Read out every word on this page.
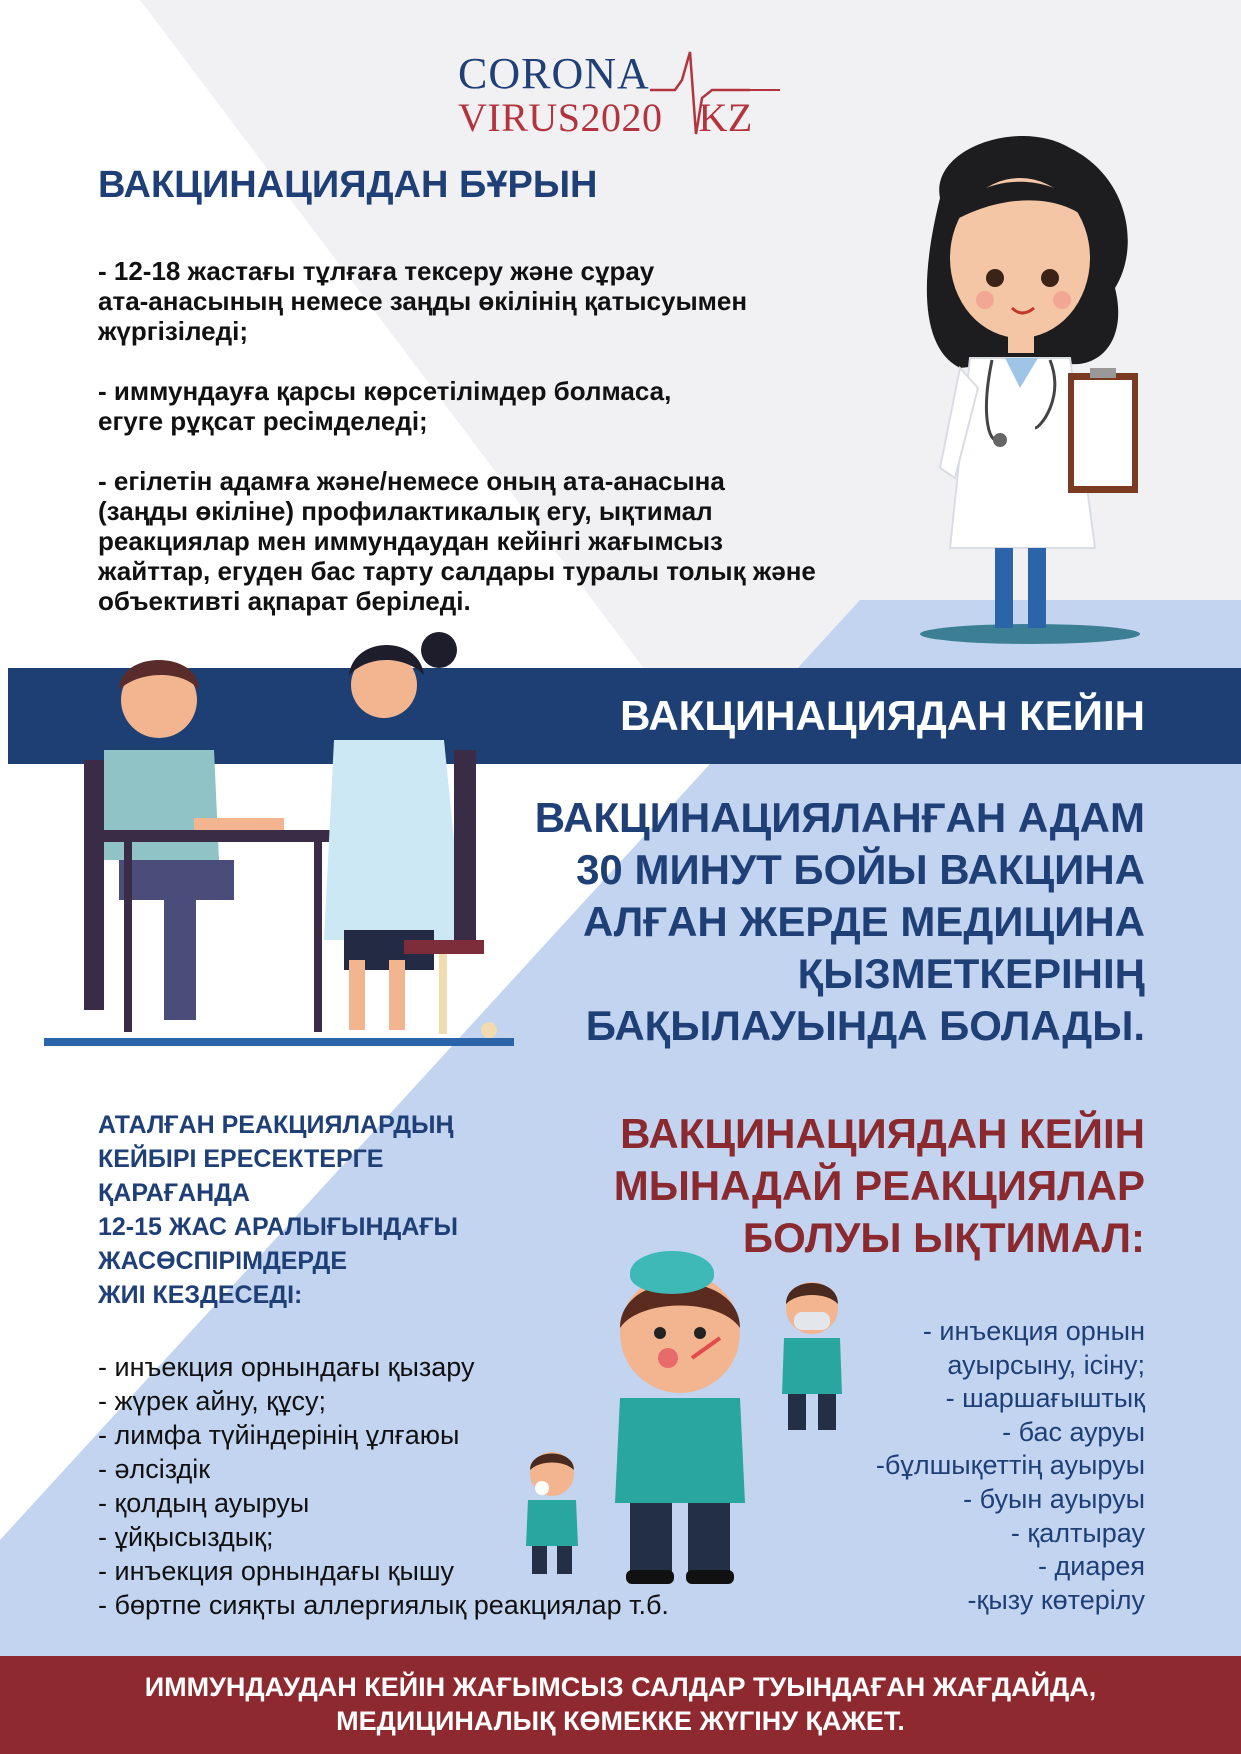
CORONA
VIRUS2020 KZ
ВАКЦИНАЦИЯДАН БҰРЫН

- 12-18 жастағы тұлғаға тексеру және сұрау
ата-анасының немесе заңды өкілінің қатысуымен
жүргізіледі;

- иммундауға қарсы көрсетілімдер болмаса,
егуге рұқсат ресімделеді;

- егілетін адамға және/немесе оның ата-анасына
(заңды өкіліне) профилактикалық егу, ықтимал
реакциялар мен иммундаудан кейінгі жағымсыз
жайттар, егуден бас тарту салдары туралы толық және
объективті ақпарат беріледі.

ВАКЦИНАЦИЯДАН КЕЙІН
ВАКЦИНАЦИЯЛАНҒАН АДАМ
30 МИНУТ БОЙЫ ВАКЦИНА
АЛҒАН ЖЕРДЕ МЕДИЦИНА
ҚЫЗМЕТКЕРІНІҢ
БАҚЫЛАУЫНДА БОЛАДЫ.
АТАЛҒАН РЕАКЦИЯЛАРДЫҢ
КЕЙБІРІ ЕРЕСЕКТЕРГЕ
ҚАРАҒАНДА
12-15 ЖАС АРАЛЫҒЫНДАҒЫ
ЖАСӨСПІРІМДЕРДЕ
ЖИІ КЕЗДЕСЕДІ:
- инъекция орнындағы қызару
- жүрек айну, құсу;
- лимфа түйіндерінің ұлғаюы
- әлсіздік
- қолдың ауыруы
- ұйқысыздық;
- инъекция орнындағы қышу
- бөртпе сияқты аллергиялық реакциялар т.б.
ВАКЦИНАЦИЯДАН КЕЙІН
МЫНАДАЙ РЕАКЦИЯЛАР
БОЛУЫ ЫҚТИМАЛ:
- инъекция орнын
ауырсыну, ісіну;
- шаршағыштық
- бас ауруы
-бұлшықеттің ауыруы
- буын ауыруы
- қалтырау
- диарея
-қызу көтерілу
ИММУНДАУДАН КЕЙІН ЖАҒЫМСЫЗ САЛДАР ТУЫНДАҒАН ЖАҒДАЙДА,
МЕДИЦИНАЛЫҚ КӨМЕККЕ ЖҮГІНУ ҚАЖЕТ.
